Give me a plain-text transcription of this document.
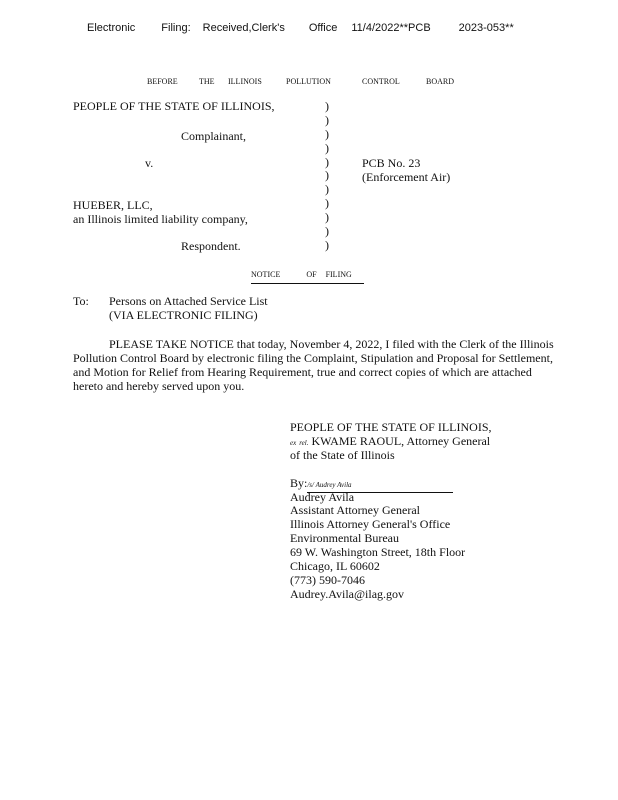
Electronic Filing: Received,Clerk's Office 11/4/2022**PCB	2023-053**
BEFORE	THE ILLINOIS	POLLUTION	CONTROL	BOARD
PEOPLE OF THE STATE OF ILLINOIS,
Complainant,
v.
HUEBER, LLC,
an Illinois limited liability company,
Respondent.
)
)
)
)
)
)
)
)
)
)
)
PCB No. 23
(Enforcement Air)
NOTICE	OF FILING
To: Persons on Attached Service List
(VIA ELECTRONIC FILING)
PLEASE TAKE NOTICE that today, November 4, 2022, I filed with the Clerk of the Illinois Pollution Control Board by electronic filing the Complaint, Stipulation and Proposal for Settlement, and Motion for Relief from Hearing Requirement, true and correct copies of which are attached hereto and hereby served upon you.
PEOPLE OF THE STATE OF ILLINOIS,
ex rel. KWAME RAOUL, Attorney General
of the State of Illinois
By:/s/ Audrey Avila
Audrey Avila
Assistant Attorney General
Illinois Attorney General's Office
Environmental Bureau
69 W. Washington Street, 18th Floor
Chicago, IL 60602
(773) 590-7046
Audrey.Avila@ilag.gov
